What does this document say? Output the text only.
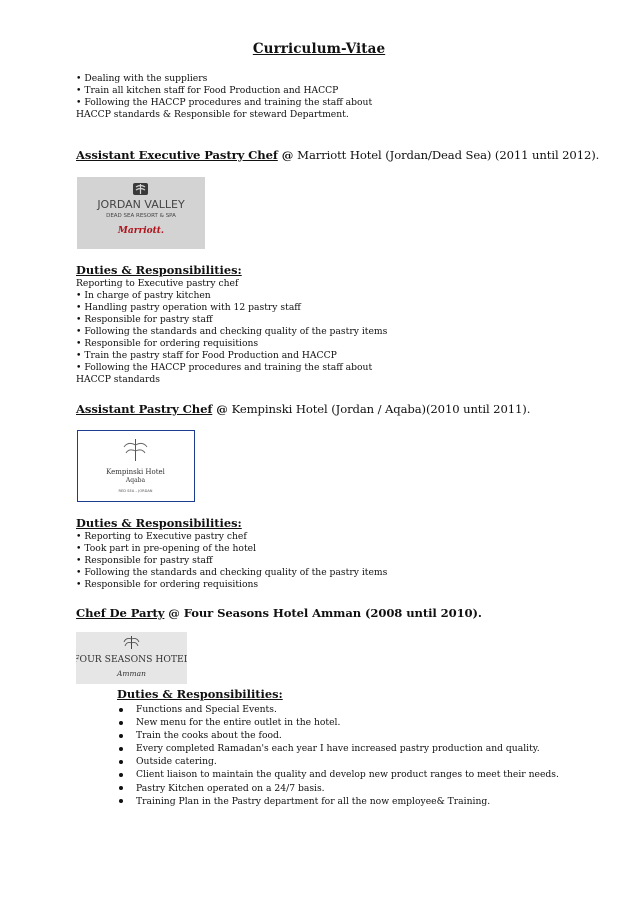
Curriculum-Vitae
• Dealing with the suppliers
• Train all kitchen staff for Food Production and HACCP
• Following the HACCP procedures and training the staff about
HACCP standards & Responsible for steward Department.
Assistant Executive Pastry Chef @ Marriott Hotel (Jordan/Dead Sea) (2011 until 2012).
JORDAN VALLEY
DEAD SEA RESORT & SPA
Marriott.
Duties & Responsibilities:
Reporting to Executive pastry chef
• In charge of pastry kitchen
• Handling pastry operation with 12 pastry staff
• Responsible for pastry staff
• Following the standards and checking quality of the pastry items
• Responsible for ordering requisitions
• Train the pastry staff for Food Production and HACCP
• Following the HACCP procedures and training the staff about
HACCP standards
Assistant Pastry Chef @ Kempinski Hotel (Jordan / Aqaba)(2010 until 2011).
Kempinski Hotel
Aqaba
RED SEA – JORDAN
Duties & Responsibilities:
• Reporting to Executive pastry chef
• Took part in pre-opening of the hotel
• Responsible for pastry staff
• Following the standards and checking quality of the pastry items
• Responsible for ordering requisitions
Chef De Party @ Four Seasons Hotel Amman (2008 until 2010).
FOUR SEASONS HOTEL
Amman
Duties & Responsibilities:
Functions and Special Events.
New menu for the entire outlet in the hotel.
Train the cooks about the food.
Every completed Ramadan's each year I have increased pastry production and quality.
Outside catering.
Client liaison to maintain the quality and develop new product ranges to meet their needs.
Pastry Kitchen operated on a 24/7 basis.
Training Plan in the Pastry department for all the now employee& Training.
